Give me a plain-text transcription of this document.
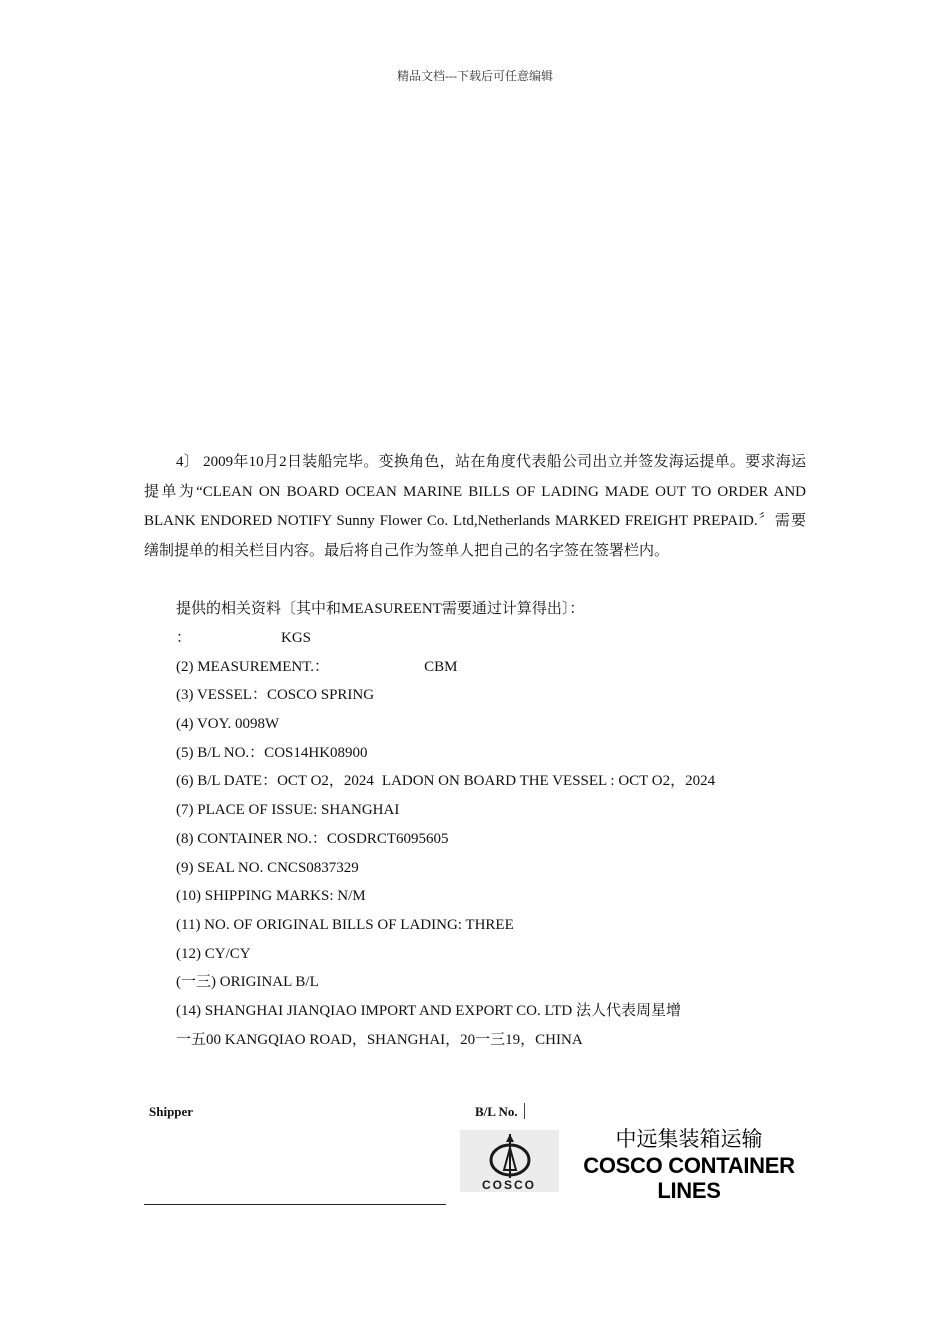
精品文档---下载后可任意编辑
4〕 2009年10月2日装船完毕。变换角色，站在角度代表船公司出立并签发海运提单。要求海运提单为“CLEAN ON BOARD OCEAN MARINE BILLS OF LADING MADE OUT TO ORDER AND BLANK ENDORED NOTIFY Sunny Flower Co. Ltd,Netherlands MARKED FREIGHT PREPAID.〞需要缮制提单的相关栏目内容。最后将自己作为签单人把自己的名字签在签署栏内。
提供的相关资料〔其中和MEASUREENT需要通过计算得出〕：
：	KGS
(2) MEASUREMENT.：	CBM
(3) VESSEL：COSCO SPRING
(4) VOY. 0098W
(5) B/L NO.：COS14HK08900
(6) B/L DATE：OCT O2，2024 LADON ON BOARD THE VESSEL : OCT O2，2024
(7) PLACE OF ISSUE: SHANGHAI
(8) CONTAINER NO.：COSDRCT6095605
(9) SEAL NO. CNCS0837329
(10) SHIPPING MARKS: N/M
(11) NO. OF ORIGINAL BILLS OF LADING: THREE
(12) CY/CY
(一三) ORIGINAL B/L
(14) SHANGHAI JIANQIAO IMPORT AND EXPORT CO. LTD 法人代表周星增
一五00 KANGQIAO ROAD，SHANGHAI，20一三19，CHINA
Shipper	B/L No.
COSCO
中远集装箱运输
COSCO CONTAINER
LINES
